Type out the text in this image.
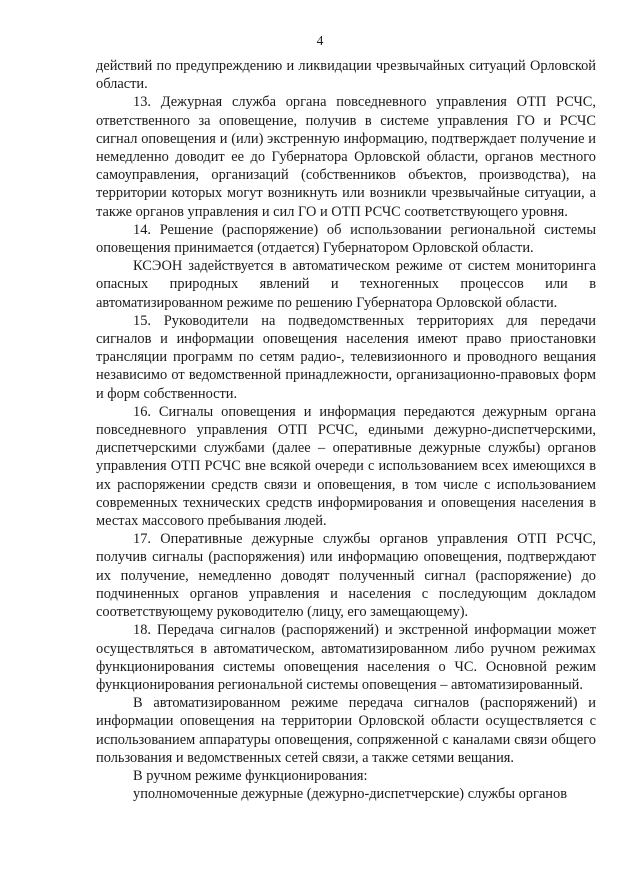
4

действий по предупреждению и ликвидации чрезвычайных ситуаций Орловской области.

13. Дежурная служба органа повседневного управления ОТП РСЧС, ответственного за оповещение, получив в системе управления ГО и РСЧС сигнал оповещения и (или) экстренную информацию, подтверждает получение и немедленно доводит ее до Губернатора Орловской области, органов местного самоуправления, организаций (собственников объектов, производства), на территории которых могут возникнуть или возникли чрезвычайные ситуации, а также органов управления и сил ГО и ОТП РСЧС соответствующего уровня.

14. Решение (распоряжение) об использовании региональной системы оповещения принимается (отдается) Губернатором Орловской области.

КСЭОН задействуется в автоматическом режиме от систем мониторинга опасных природных явлений и техногенных процессов или в автоматизированном режиме по решению Губернатора Орловской области.

15. Руководители на подведомственных территориях для передачи сигналов и информации оповещения населения имеют право приостановки трансляции программ по сетям радио-, телевизионного и проводного вещания независимо от ведомственной принадлежности, организационно-правовых форм и форм собственности.

16. Сигналы оповещения и информация передаются дежурным органа повседневного управления ОТП РСЧС, едиными дежурно-диспетчерскими, диспетчерскими службами (далее – оперативные дежурные службы) органов управления ОТП РСЧС вне всякой очереди с использованием всех имеющихся в их распоряжении средств связи и оповещения, в том числе с использованием современных технических средств информирования и оповещения населения в местах массового пребывания людей.

17. Оперативные дежурные службы органов управления ОТП РСЧС, получив сигналы (распоряжения) или информацию оповещения, подтверждают их получение, немедленно доводят полученный сигнал (распоряжение) до подчиненных органов управления и населения с последующим докладом соответствующему руководителю (лицу, его замещающему).

18. Передача сигналов (распоряжений) и экстренной информации может осуществляться в автоматическом, автоматизированном либо ручном режимах функционирования системы оповещения населения о ЧС. Основной режим функционирования региональной системы оповещения – автоматизированный.

В автоматизированном режиме передача сигналов (распоряжений) и информации оповещения на территории Орловской области осуществляется с использованием аппаратуры оповещения, сопряженной с каналами связи общего пользования и ведомственных сетей связи, а также сетями вещания.

В ручном режиме функционирования:

уполномоченные дежурные (дежурно-диспетчерские) службы органов
